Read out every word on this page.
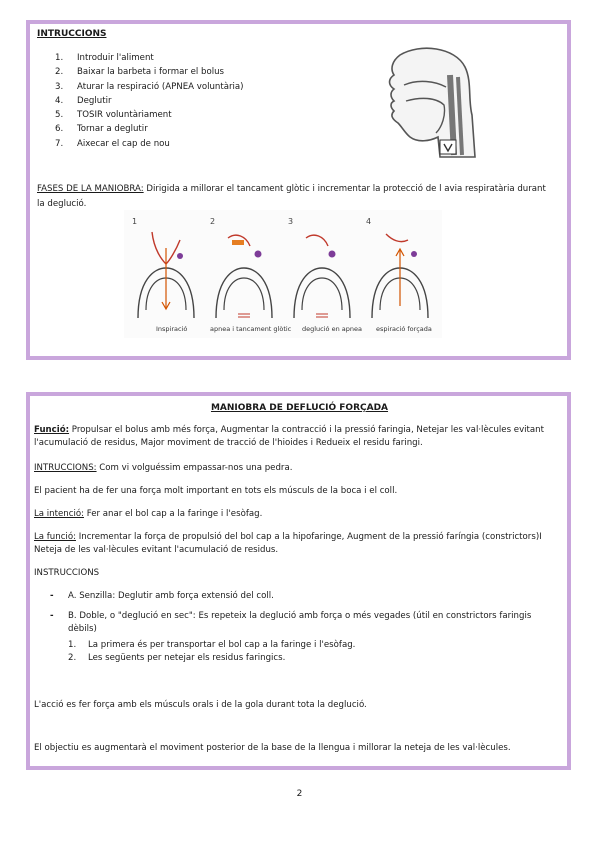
INTRUCCIONS
1. Introduir l'aliment
2. Baixar la barbeta i formar el bolus
3. Aturar la respiració (APNEA voluntària)
4. Deglutir
5. TOSIR voluntàriament
6. Tornar a deglutir
7. Aixecar el cap de nou
FASES DE LA MANIOBRA: Dirigida a millorar el tancament glòtic i incrementar la protecció de l avia respiratària durant
la deglució.
1	2	3	4
Inspiració	apnea i tancament glòtic deglució en apnea espiració forçada
MANIOBRA DE DEFLUCIÓ FORÇADA
Funció: Propulsar el bolus amb més força, Augmentar la contracció i la pressió faringia, Netejar les val·lècules evitant
l'acumulació de residus, Major moviment de tracció de l'hioides i Redueix el residu faringi.
INTRUCCIONS: Com vi volguéssim empassar-nos una pedra.
El pacient ha de fer una força molt important en tots els músculs de la boca i el coll.
La intenció: Fer anar el bol cap a la faringe i l'esòfag.
La funció: Incrementar la força de propulsió del bol cap a la hipofaringe, Augment de la pressió faríngia (constrictors)I
Neteja de les val·lècules evitant l'acumulació de residus.
INSTRUCCIONS
- A. Senzilla: Deglutir amb força extensió del coll.
- B. Doble, o "deglució en sec": Es repeteix la deglució amb força o més vegades (útil en constrictors faringis
dèbils)
1. La primera és per transportar el bol cap a la faringe i l'esòfag.
2. Les següents per netejar els residus faringics.
L'acció es fer força amb els músculs orals i de la gola durant tota la deglució.
El objectiu es augmentarà el moviment posterior de la base de la llengua i millorar la neteja de les val·lècules.
2
